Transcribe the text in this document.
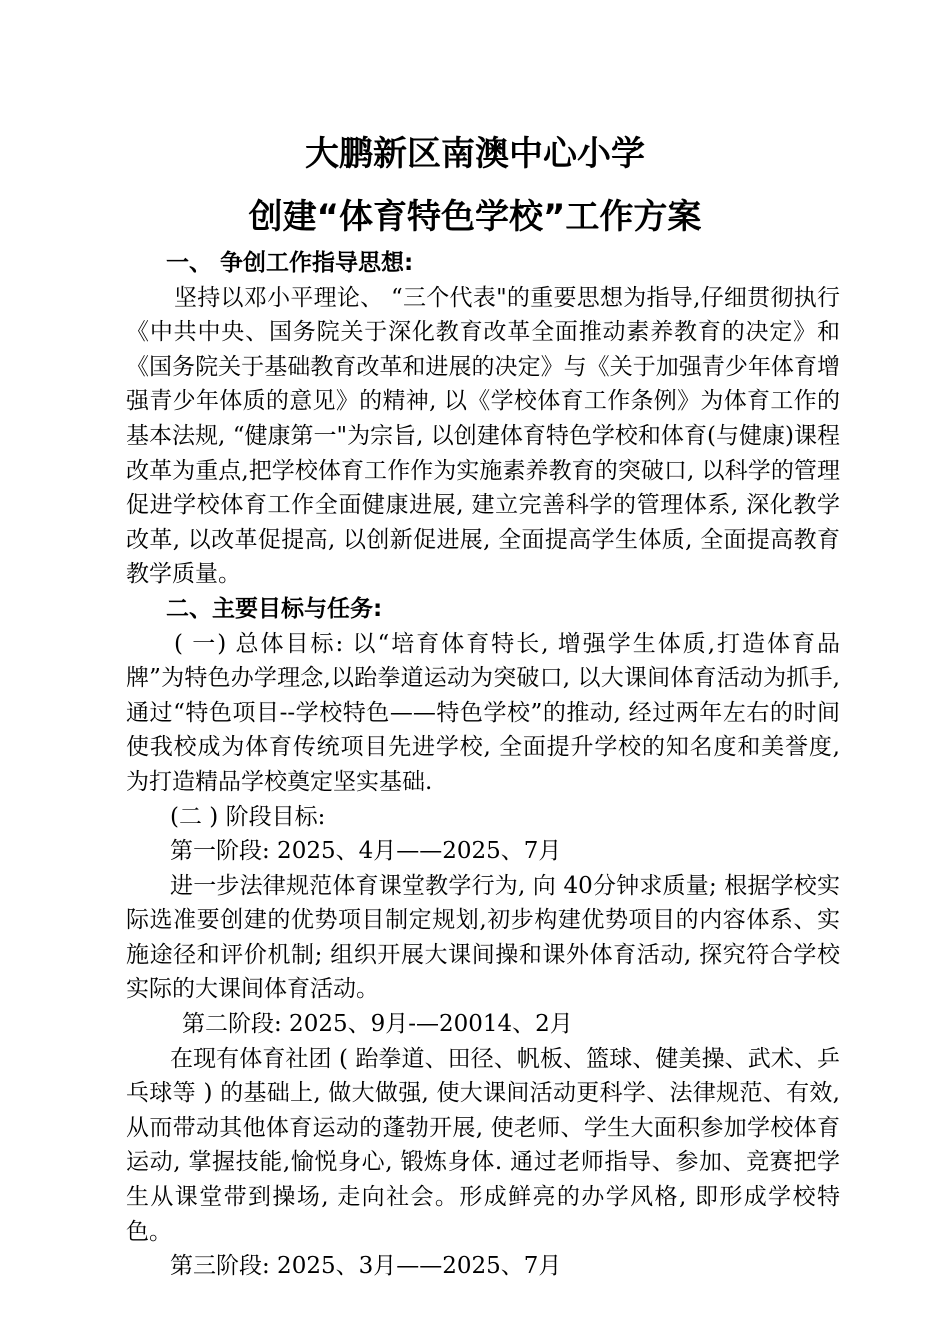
大鹏新区南澳中心小学
创建“体育特色学校”工作方案

一、 争创工作指导思想:

坚持以邓小平理论、 “三个代表"的重要思想为指导,仔细贯彻执行《中共中央、国务院关于深化教育改革全面推动素养教育的决定》和《国务院关于基础教育改革和进展的决定》与《关于加强青少年体育增强青少年体质的意见》的精神, 以《学校体育工作条例》为体育工作的基本法规, “健康第一"为宗旨, 以创建体育特色学校和体育(与健康)课程改革为重点,把学校体育工作作为实施素养教育的突破口, 以科学的管理促进学校体育工作全面健康进展, 建立完善科学的管理体系, 深化教学改革, 以改革促提高, 以创新促进展, 全面提高学生体质, 全面提高教育教学质量。

二、主要目标与任务:

( 一) 总体目标: 以“培育体育特长, 增强学生体质,打造体育品牌”为特色办学理念,以跆拳道运动为突破口, 以大课间体育活动为抓手, 通过“特色项目--学校特色——特色学校”的推动, 经过两年左右的时间使我校成为体育传统项目先进学校, 全面提升学校的知名度和美誉度, 为打造精品学校奠定坚实基础.

(二 ) 阶段目标:

第一阶段: 2025、4月——2025、7月

进一步法律规范体育课堂教学行为, 向 40分钟求质量; 根据学校实际选准要创建的优势项目制定规划,初步构建优势项目的内容体系、实施途径和评价机制; 组织开展大课间操和课外体育活动, 探究符合学校实际的大课间体育活动。

第二阶段: 2025、9月-—20014、2月

在现有体育社团 ( 跆拳道、田径、帆板、篮球、健美操、武术、乒乓球等 ) 的基础上, 做大做强, 使大课间活动更科学、法律规范、有效, 从而带动其他体育运动的蓬勃开展, 使老师、学生大面积参加学校体育运动, 掌握技能,愉悦身心, 锻炼身体. 通过老师指导、参加、竞赛把学生从课堂带到操场, 走向社会。形成鲜亮的办学风格, 即形成学校特色。

第三阶段: 2025、3月——2025、7月
